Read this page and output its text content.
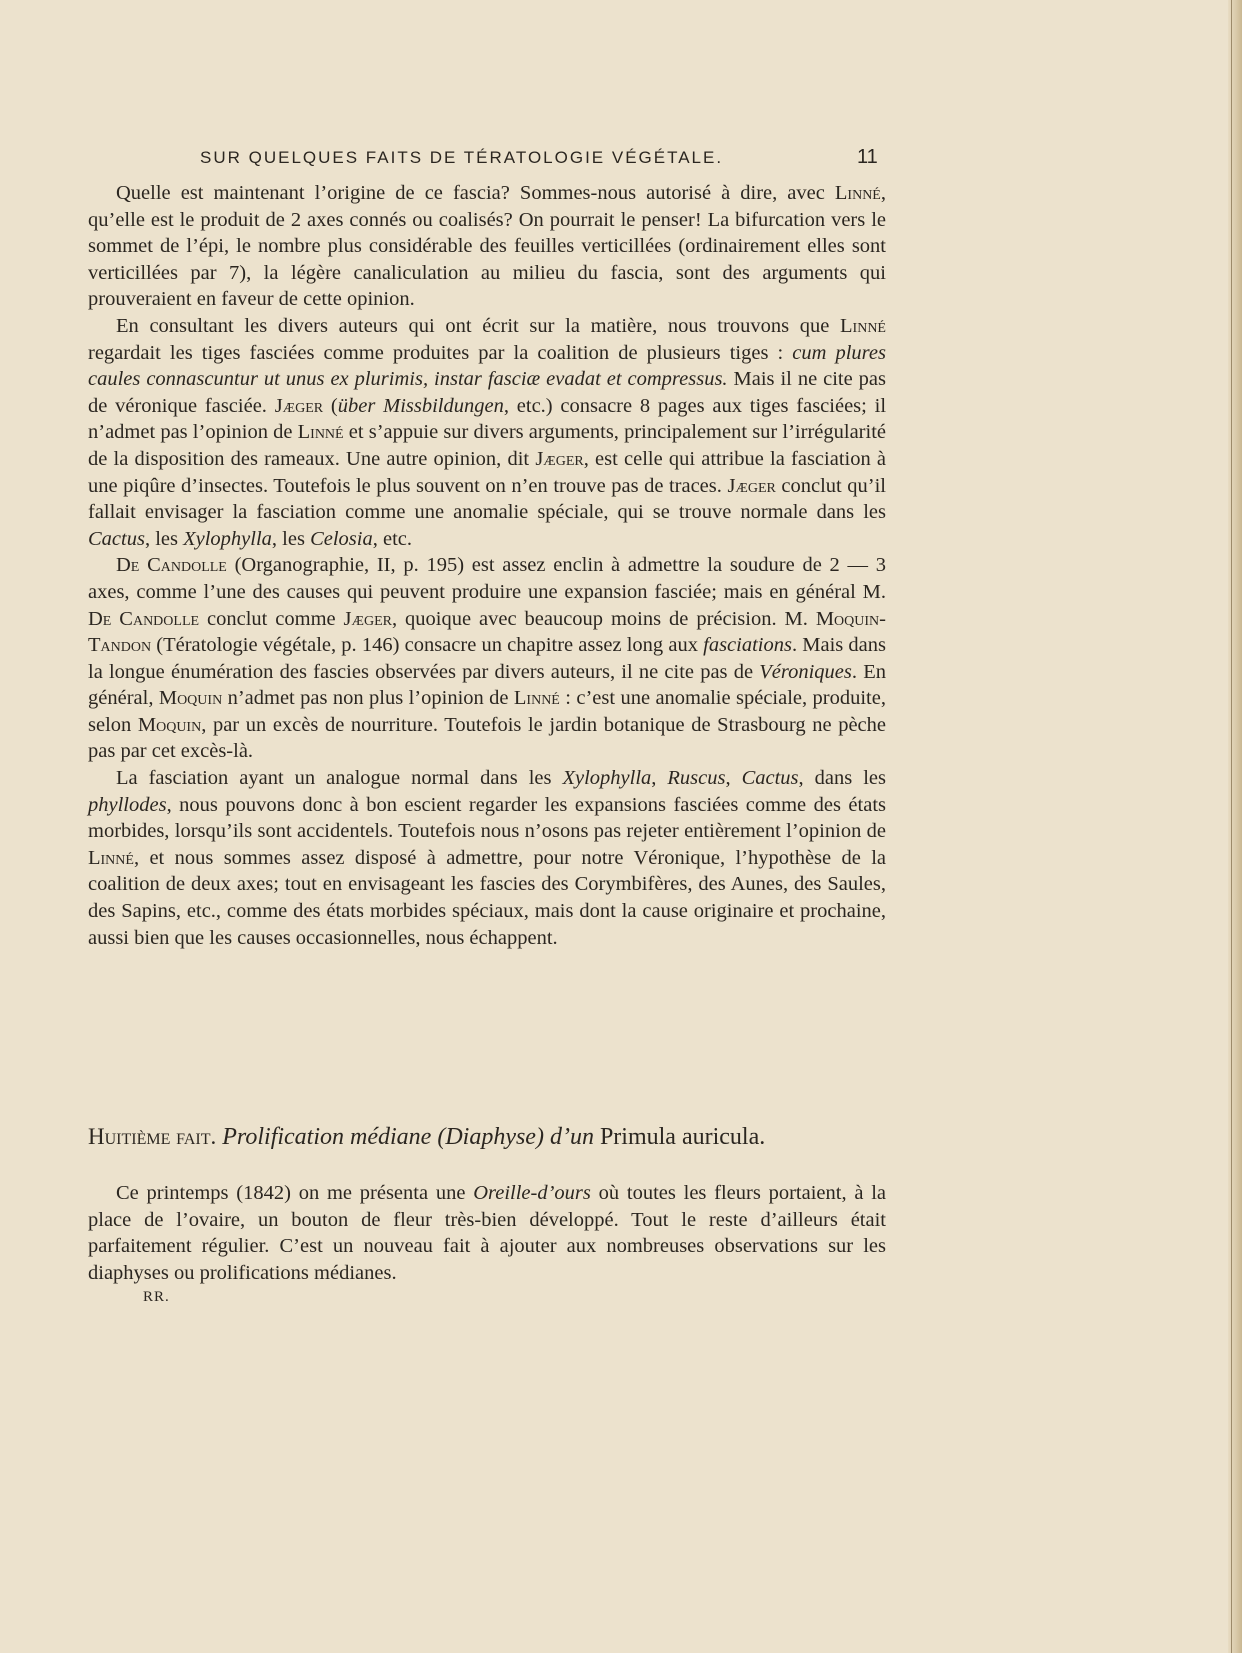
SUR QUELQUES FAITS DE TÉRATOLOGIE VÉGÉTALE.	11

Quelle est maintenant l’origine de ce fascia? Sommes-nous autorisé à dire, avec Linné, qu’elle est le produit de 2 axes connés ou coalisés? On pourrait le penser! La bifurcation vers le sommet de l’épi, le nombre plus considérable des feuilles verticillées (ordinairement elles sont verticillées par 7), la légère canaliculation au milieu du fascia, sont des arguments qui prouveraient en faveur de cette opinion.

En consultant les divers auteurs qui ont écrit sur la matière, nous trouvons que Linné regardait les tiges fasciées comme produites par la coalition de plusieurs tiges : cum plures caules connascuntur ut unus ex plurimis, instar fasciæ evadat et compressus. Mais il ne cite pas de véronique fasciée. Jæger (über Missbildungen, etc.) consacre 8 pages aux tiges fasciées; il n’admet pas l’opinion de Linné et s’appuie sur divers arguments, principalement sur l’irrégularité de la disposition des rameaux. Une autre opinion, dit Jæger, est celle qui attribue la fasciation à une piqûre d’insectes. Toutefois le plus souvent on n’en trouve pas de traces. Jæger conclut qu’il fallait envisager la fasciation comme une anomalie spéciale, qui se trouve normale dans les Cactus, les Xylophylla, les Celosia, etc.

De Candolle (Organographie, II, p. 195) est assez enclin à admettre la soudure de 2 — 3 axes, comme l’une des causes qui peuvent produire une expansion fasciée; mais en général M. De Candolle conclut comme Jæger, quoique avec beaucoup moins de précision. M. Moquin-Tandon (Tératologie végétale, p. 146) consacre un chapitre assez long aux fasciations. Mais dans la longue énumération des fascies observées par divers auteurs, il ne cite pas de Véroniques. En général, Moquin n’admet pas non plus l’opinion de Linné : c’est une anomalie spéciale, produite, selon Moquin, par un excès de nourriture. Toutefois le jardin botanique de Strasbourg ne pèche pas par cet excès-là.

La fasciation ayant un analogue normal dans les Xylophylla, Ruscus, Cactus, dans les phyllodes, nous pouvons donc à bon escient regarder les expansions fasciées comme des états morbides, lorsqu’ils sont accidentels. Toutefois nous n’osons pas rejeter entièrement l’opinion de Linné, et nous sommes assez disposé à admettre, pour notre Véronique, l’hypothèse de la coalition de deux axes; tout en envisageant les fascies des Corymbifères, des Aunes, des Saules, des Sapins, etc., comme des états morbides spéciaux, mais dont la cause originaire et prochaine, aussi bien que les causes occasionnelles, nous échappent.

Huitième fait. Prolification médiane (Diaphyse) d’un Primula auricula.

Ce printemps (1842) on me présenta une Oreille-d’ours où toutes les fleurs portaient, à la place de l’ovaire, un bouton de fleur très-bien développé. Tout le reste d’ailleurs était parfaitement régulier. C’est un nouveau fait à ajouter aux nombreuses observations sur les diaphyses ou prolifications médianes.

RR.
